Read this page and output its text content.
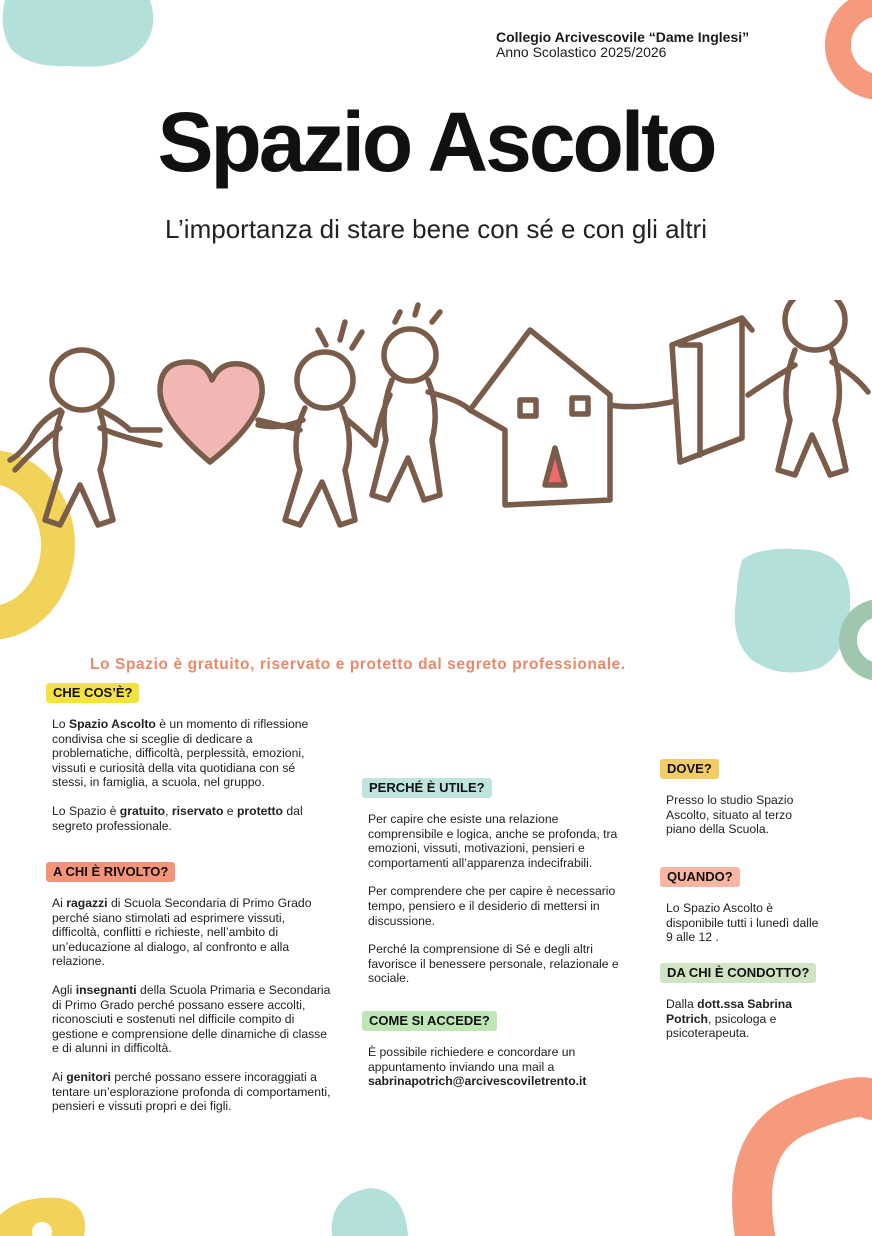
Collegio Arcivescovile “Dame Inglesi”
Anno Scolastico 2025/2026
Spazio Ascolto
L’importanza di stare bene con sé e con gli altri
Lo Spazio è gratuito, riservato e protetto dal segreto professionale.
CHE COS’È?

Lo Spazio Ascolto è un momento di riflessione condivisa che si sceglie di dedicare a problematiche, difficoltà, perplessità, emozioni, vissuti e curiosità della vita quotidiana con sé stessi, in famiglia, a scuola, nel gruppo.

Lo Spazio è gratuito, riservato e protetto dal segreto professionale.

A CHI È RIVOLTO?

Ai ragazzi di Scuola Secondaria di Primo Grado perché siano stimolati ad esprimere vissuti, difficoltà, conflitti e richieste, nell’ambito di un’educazione al dialogo, al confronto e alla relazione.

Agli insegnanti della Scuola Primaria e Secondaria di Primo Grado perché possano essere accolti, riconosciuti e sostenuti nel difficile compito di gestione e comprensione delle dinamiche di classe e di alunni in difficoltà.

Ai genitori perché possano essere incoraggiati a tentare un’esplorazione profonda di comportamenti, pensieri e vissuti propri e dei figli.

PERCHÉ È UTILE?

Per capire che esiste una relazione comprensibile e logica, anche se profonda, tra emozioni, vissuti, motivazioni, pensieri e comportamenti all’apparenza indecifrabili.

Per comprendere che per capire è necessario tempo, pensiero e il desiderio di mettersi in discussione.

Perché la comprensione di Sé e degli altri favorisce il benessere personale, relazionale e sociale.

COME SI ACCEDE?

È possibile richiedere e concordare un appuntamento inviando una mail a
sabrinapotrich@arcivescoviletrento.it

DOVE?

Presso lo studio Spazio Ascolto, situato al terzo piano della Scuola.

QUANDO?

Lo Spazio Ascolto è disponibile tutti i lunedì dalle 9 alle 12 .

DA CHI È CONDOTTO?

Dalla dott.ssa Sabrina Potrich, psicologa e psicoterapeuta.
